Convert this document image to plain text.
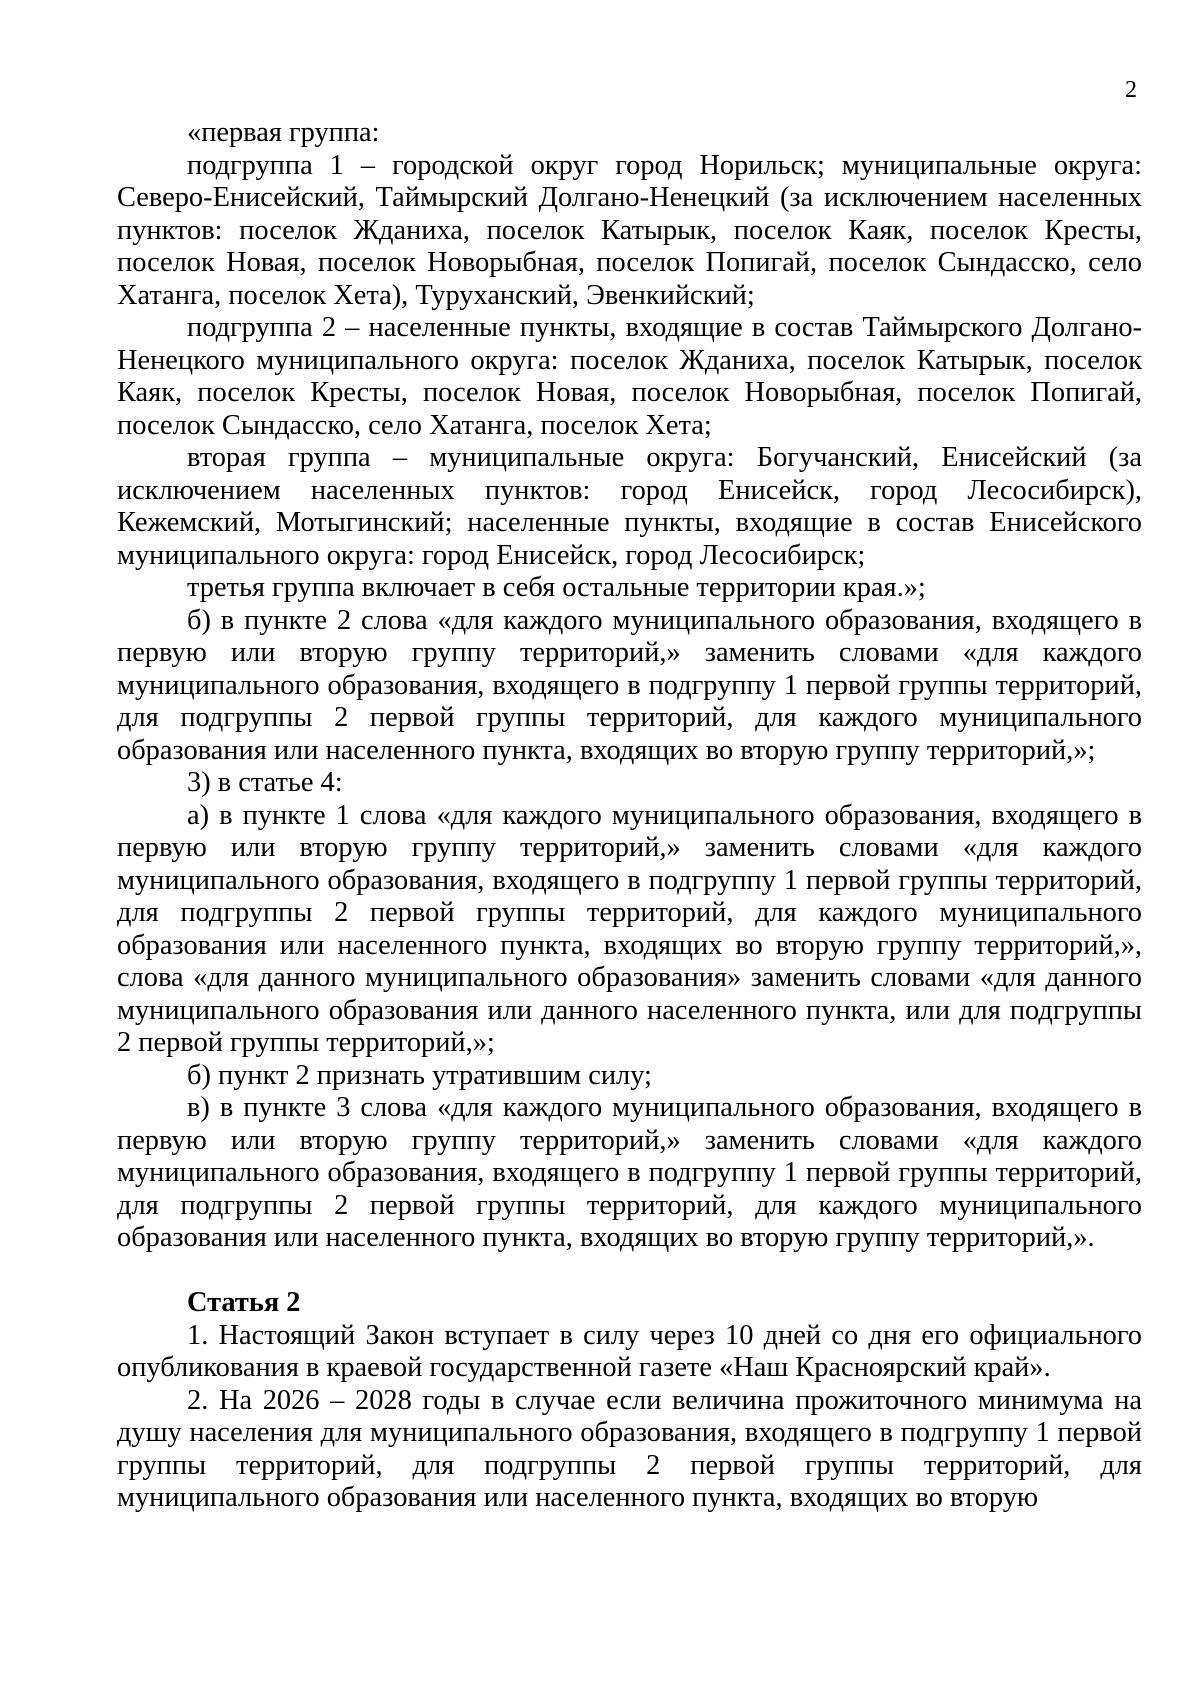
2

«первая группа:

подгруппа 1 – городской округ город Норильск; муниципальные округа: Северо-Енисейский, Таймырский Долгано-Ненецкий (за исключением населенных пунктов: поселок Жданиха, поселок Катырык, поселок Каяк, поселок Кресты, поселок Новая, поселок Новорыбная, поселок Попигай, поселок Сындасско, село Хатанга, поселок Хета), Туруханский, Эвенкийский;

подгруппа 2 – населенные пункты, входящие в состав Таймырского Долгано-Ненецкого муниципального округа: поселок Жданиха, поселок Катырык, поселок Каяк, поселок Кресты, поселок Новая, поселок Новорыбная, поселок Попигай, поселок Сындасско, село Хатанга, поселок Хета;

вторая группа – муниципальные округа: Богучанский, Енисейский (за исключением населенных пунктов: город Енисейск, город Лесосибирск), Кежемский, Мотыгинский; населенные пункты, входящие в состав Енисейского муниципального округа: город Енисейск, город Лесосибирск;

третья группа включает в себя остальные территории края.»;

б) в пункте 2 слова «для каждого муниципального образования, входящего в первую или вторую группу территорий,» заменить словами «для каждого муниципального образования, входящего в подгруппу 1 первой группы территорий, для подгруппы 2 первой группы территорий, для каждого муниципального образования или населенного пункта, входящих во вторую группу территорий,»;

3) в статье 4:

а) в пункте 1 слова «для каждого муниципального образования, входящего в первую или вторую группу территорий,» заменить словами «для каждого муниципального образования, входящего в подгруппу 1 первой группы территорий, для подгруппы 2 первой группы территорий, для каждого муниципального образования или населенного пункта, входящих во вторую группу территорий,», слова «для данного муниципального образования» заменить словами «для данного муниципального образования или данного населенного пункта, или для подгруппы 2 первой группы территорий,»;

б) пункт 2 признать утратившим силу;

в) в пункте 3 слова «для каждого муниципального образования, входящего в первую или вторую группу территорий,» заменить словами «для каждого муниципального образования, входящего в подгруппу 1 первой группы территорий, для подгруппы 2 первой группы территорий, для каждого муниципального образования или населенного пункта, входящих во вторую группу территорий,».

Статья 2

1. Настоящий Закон вступает в силу через 10 дней со дня его официального опубликования в краевой государственной газете «Наш Красноярский край».

2. На 2026 – 2028 годы в случае если величина прожиточного минимума на душу населения для муниципального образования, входящего в подгруппу 1 первой группы территорий, для подгруппы 2 первой группы территорий, для муниципального образования или населенного пункта, входящих во вторую
